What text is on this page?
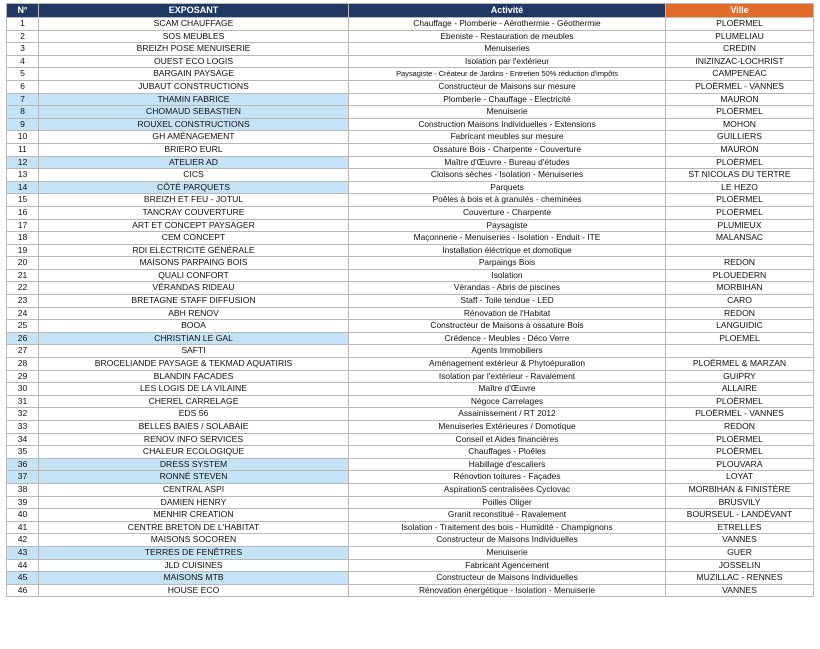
N°	EXPOSANT	Activité	Ville
1	SCAM CHAUFFAGE	Chauffage - Plomberie - Aérothermie - Géothermie	PLOËRMEL
2	SOS MEUBLES	Ebeniste - Restauration de meubles	PLUMELIAU
3	BREIZH POSE MENUISERIE	Menuiseries	CREDIN
4	OUEST ECO LOGIS	Isolation par l'extérieur	INIZINZAC-LOCHRIST
5	BARGAIN PAYSAGE	Paysagiste - Créateur de Jardins - Entretien 50% réduction d'impôts	CAMPENEAC
6	JUBAUT CONSTRUCTIONS	Constructeur de Maisons sur mesure	PLOËRMEL - VANNES
7	THAMIN FABRICE	Plomberie - Chauffage - Electricité	MAURON
8	CHOMAUD SEBASTIEN	Menuiserie	PLOËRMEL
9	ROUXEL CONSTRUCTIONS	Construction Maisons Individuelles - Extensions	MOHON
10	GH AMÉNAGEMENT	Fabricant meubles sur mesure	GUILLIERS
11	BRIERO EURL	Ossature Bois - Charpente - Couverture	MAURON
12	ATELIER AD	Maître d'Œuvre - Bureau d'études	PLOËRMEL
13	CICS	Cloisons sèches - Isolation - Menuiseries	ST NICOLAS DU TERTRE
14	CÔTÉ PARQUETS	Parquets	LE HEZO
15	BREIZH ET FEU - JOTUL	Poêles à bois et à granulés - cheminées	PLOËRMEL
16	TANCRAY COUVERTURE	Couverture - Charpente	PLOËRMEL
17	ART ET CONCEPT PAYSAGER	Paysagiste	PLUMIEUX
18	CEM CONCEPT	Maçonnerie - Menuiseries - Isolation - Enduit - ITE	MALANSAC
19	RDI ELECTRICITÉ GÉNÉRALE	Installation éléctrique et domotique	
20	MAISONS PARPAING BOIS	Parpaings Bois	REDON
21	QUALI CONFORT	Isolation	PLOUEDERN
22	VÉRANDAS RIDEAU	Vérandas - Abris de piscines	MORBIHAN
23	BRETAGNE STAFF DIFFUSION	Staff - Toile tendue - LED	CARO
24	ABH RENOV	Rénovation de l'Habitat	REDON
25	BOOA	Constructeur de Maisons à ossature Bois	LANGUIDIC
26	CHRISTIAN LE GAL	Crédence - Meubles - Déco Verre	PLOEMEL
27	SAFTI	Agents Immobiliers	
28	BROCELIANDE PAYSAGE & TEKMAD AQUATIRIS	Aménagement extérieur & Phytoépuration	PLOËRMEL & MARZAN
29	BLANDIN FACADES	Isolation par l'extérieur - Ravalement	GUIPRY
30	LES LOGIS DE LA VILAINE	Maître d'Œuvre	ALLAIRE
31	CHEREL CARRELAGE	Négoce Carrelages	PLOËRMEL
32	EDS 56	Assainissement / RT 2012	PLOËRMEL - VANNES
33	BELLES BAIES / SOLABAIE	Menuiseries Extérieures / Domotique	REDON
34	RENOV INFO SERVICES	Conseil et Aides financières	PLOËRMEL
35	CHALEUR ECOLOGIQUE	Chauffages - Ploêles	PLOËRMEL
36	DRESS SYSTEM	Habillage d'escaliers	PLOUVARA
37	RONNÉ STEVEN	Rénovtion toitures - Façades	LOYAT
38	CENTRAL ASPI	AspirationS centralisées Cyclovac	MORBIHAN & FINISTÈRE
39	DAMIEN HENRY	Poilles Oliger	BRUSVILY
40	MENHIR CREATION	Granit reconstitué - Ravalement	BOURSEUL - LANDÉVANT
41	CENTRE BRETON DE L'HABITAT	Isolation - Traitement des bois - Humidité - Champignons	ETRELLES
42	MAISONS SOCOREN	Constructeur de Maisons Individuelles	VANNES
43	TERRES DE FENÊTRES	Menuiserie	GUER
44	JLD CUISINES	Fabricant Agencement	JOSSELIN
45	MAISONS MTB	Constructeur de Maisons Individuelles	MUZILLAC - RENNES
46	HOUSE ECO	Rénovation énergétique - Isolation - Menuiserie	VANNES
